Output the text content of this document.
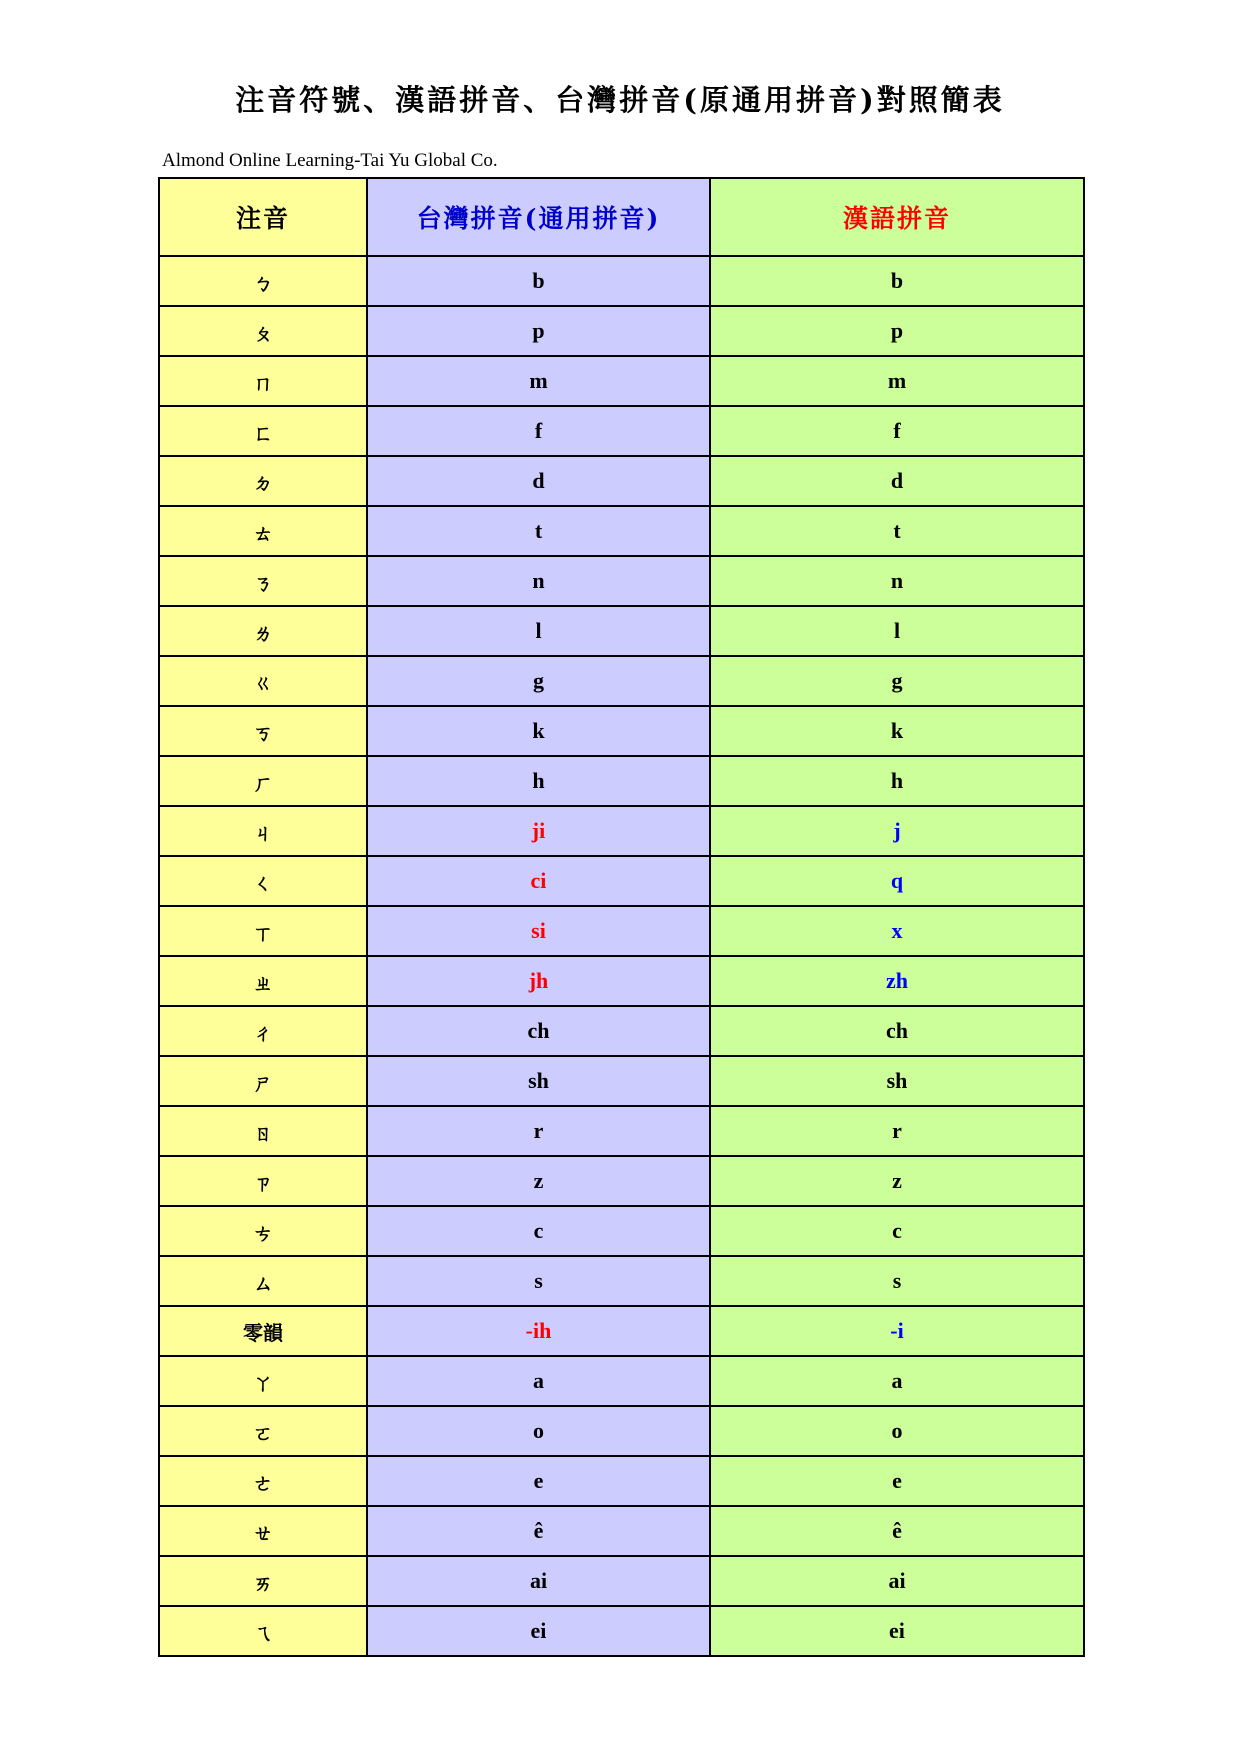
注音符號、漢語拼音、台灣拼音(原通用拼音)對照簡表
Almond Online Learning-Tai Yu Global Co.
注音	台灣拼音(通用拼音)	漢語拼音
ㄅ	b	b
ㄆ	p	p
ㄇ	m	m
ㄈ	f	f
ㄉ	d	d
ㄊ	t	t
ㄋ	n	n
ㄌ	l	l
ㄍ	g	g
ㄎ	k	k
ㄏ	h	h
ㄐ	ji	j
ㄑ	ci	q
ㄒ	si	x
ㄓ	jh	zh
ㄔ	ch	ch
ㄕ	sh	sh
ㄖ	r	r
ㄗ	z	z
ㄘ	c	c
ㄙ	s	s
零韻	-ih	-i
ㄚ	a	a
ㄛ	o	o
ㄜ	e	e
ㄝ	ê	ê
ㄞ	ai	ai
ㄟ	ei	ei
